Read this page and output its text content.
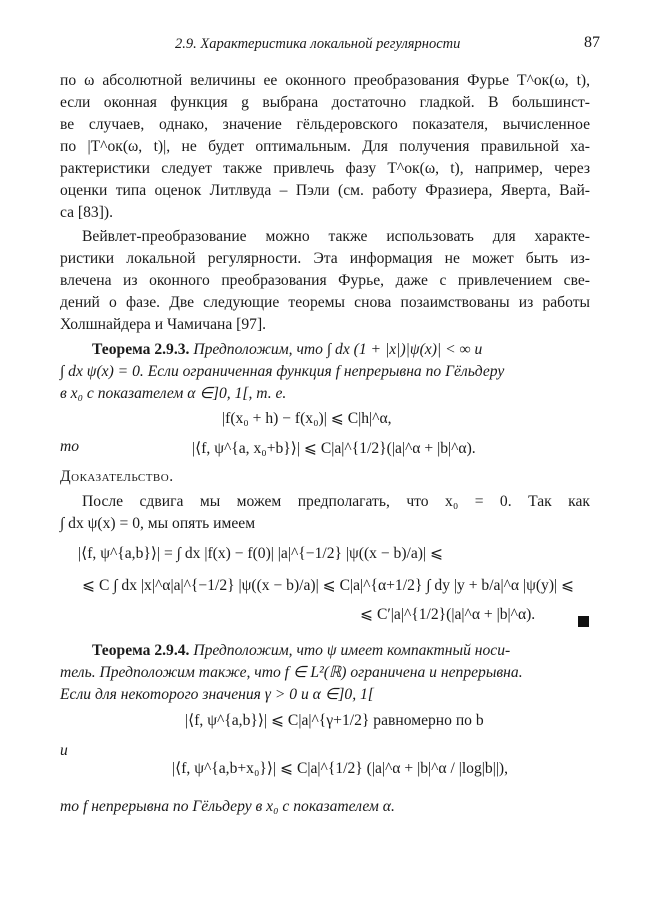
2.9. Характеристика локальной регулярности	87
по ω абсолютной величины ее оконного преобразования Фурье T^ок(ω, t),
если оконная функция g выбрана достаточно гладкой. В большинст-
ве случаев, однако, значение гёльдеровского показателя, вычисленное
по |T^ок(ω, t)|, не будет оптимальным. Для получения правильной ха-
рактеристики следует также привлечь фазу T^ок(ω, t), например, через
оценки типа оценок Литлвуда – Пэли (см. работу Фразиера, Яверта, Вай-
са [83]).
Вейвлет-преобразование можно также использовать для характе-
ристики локальной регулярности. Эта информация не может быть из-
влечена из оконного преобразования Фурье, даже с привлечением све-
дений о фазе. Две следующие теоремы снова позаимствованы из работы
Холшнайдера и Чамичана [97].
Теорема 2.9.3. Предположим, что ∫ dx (1 + |x|)|ψ(x)| < ∞ и
∫ dx ψ(x) = 0. Если ограниченная функция f непрерывна по Гёльдеру
в x₀ с показателем α ∈]0, 1[, т. е.
|f(x₀ + h) − f(x₀)| ⩽ C|h|^α,
то	|⟨f, ψ^{a, x₀+b}⟩| ⩽ C|a|^{1/2}(|a|^α + |b|^α).
Доказательство.
После сдвига мы можем предполагать, что x₀ = 0. Так как
∫ dx ψ(x) = 0, мы опять имеем
|⟨f, ψ^{a,b}⟩| = ∫ dx |f(x) − f(0)| |a|^{−1/2} |ψ((x − b)/a)| ⩽
⩽ C ∫ dx |x|^α|a|^{−1/2} |ψ((x − b)/a)| ⩽ C|a|^{α+1/2} ∫ dy |y + b/a|^α |ψ(y)| ⩽
⩽ C′|a|^{1/2}(|a|^α + |b|^α).
Теорема 2.9.4. Предположим, что ψ имеет компактный носи-
тель. Предположим также, что f ∈ L²(ℝ) ограничена и непрерывна.
Если для некоторого значения γ > 0 и α ∈]0, 1[
|⟨f, ψ^{a,b}⟩| ⩽ C|a|^{γ+1/2} равномерно по b
и
|⟨f, ψ^{a,b+x₀}⟩| ⩽ C|a|^{1/2} (|a|^α + |b|^α / |log|b||),
то f непрерывна по Гёльдеру в x₀ с показателем α.
